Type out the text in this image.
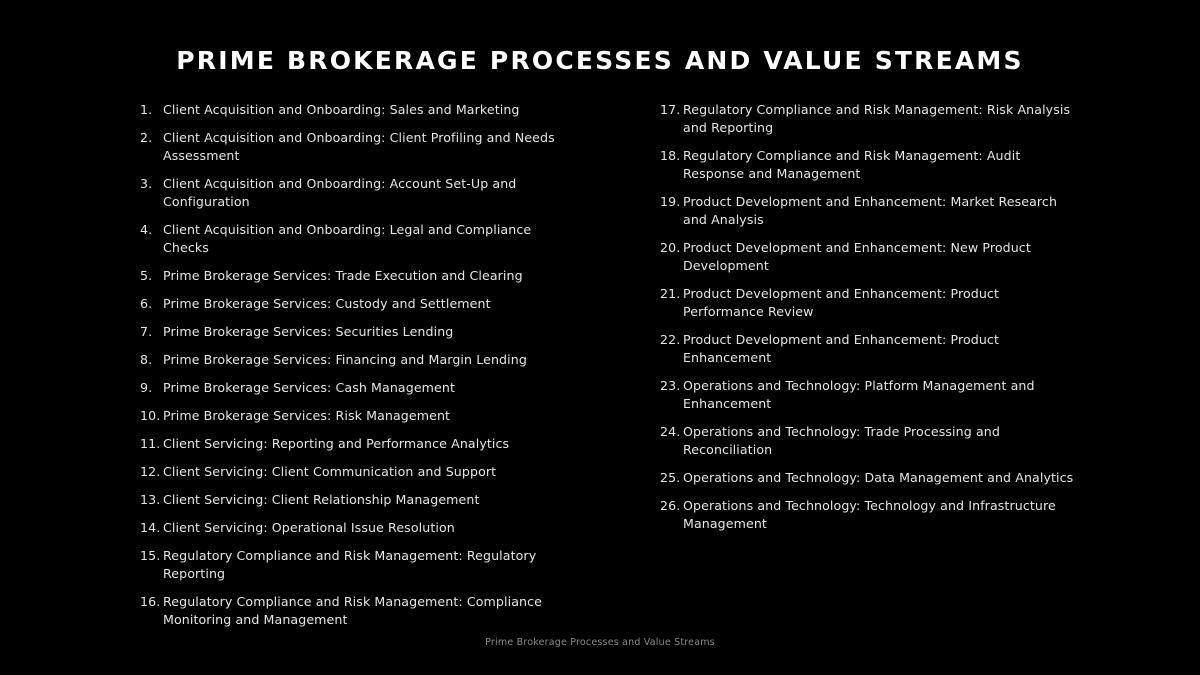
PRIME BROKERAGE PROCESSES AND VALUE STREAMS
1. Client Acquisition and Onboarding: Sales and Marketing
2. Client Acquisition and Onboarding: Client Profiling and Needs Assessment
3. Client Acquisition and Onboarding: Account Set-Up and Configuration
4. Client Acquisition and Onboarding: Legal and Compliance Checks
5. Prime Brokerage Services: Trade Execution and Clearing
6. Prime Brokerage Services: Custody and Settlement
7. Prime Brokerage Services: Securities Lending
8. Prime Brokerage Services: Financing and Margin Lending
9. Prime Brokerage Services: Cash Management
10. Prime Brokerage Services: Risk Management
11. Client Servicing: Reporting and Performance Analytics
12. Client Servicing: Client Communication and Support
13. Client Servicing: Client Relationship Management
14. Client Servicing: Operational Issue Resolution
15. Regulatory Compliance and Risk Management: Regulatory Reporting
16. Regulatory Compliance and Risk Management: Compliance Monitoring and Management
17. Regulatory Compliance and Risk Management: Risk Analysis and Reporting
18. Regulatory Compliance and Risk Management: Audit Response and Management
19. Product Development and Enhancement: Market Research and Analysis
20. Product Development and Enhancement: New Product Development
21. Product Development and Enhancement: Product Performance Review
22. Product Development and Enhancement: Product Enhancement
23. Operations and Technology: Platform Management and Enhancement
24. Operations and Technology: Trade Processing and Reconciliation
25. Operations and Technology: Data Management and Analytics
26. Operations and Technology: Technology and Infrastructure Management
Prime Brokerage Processes and Value Streams
